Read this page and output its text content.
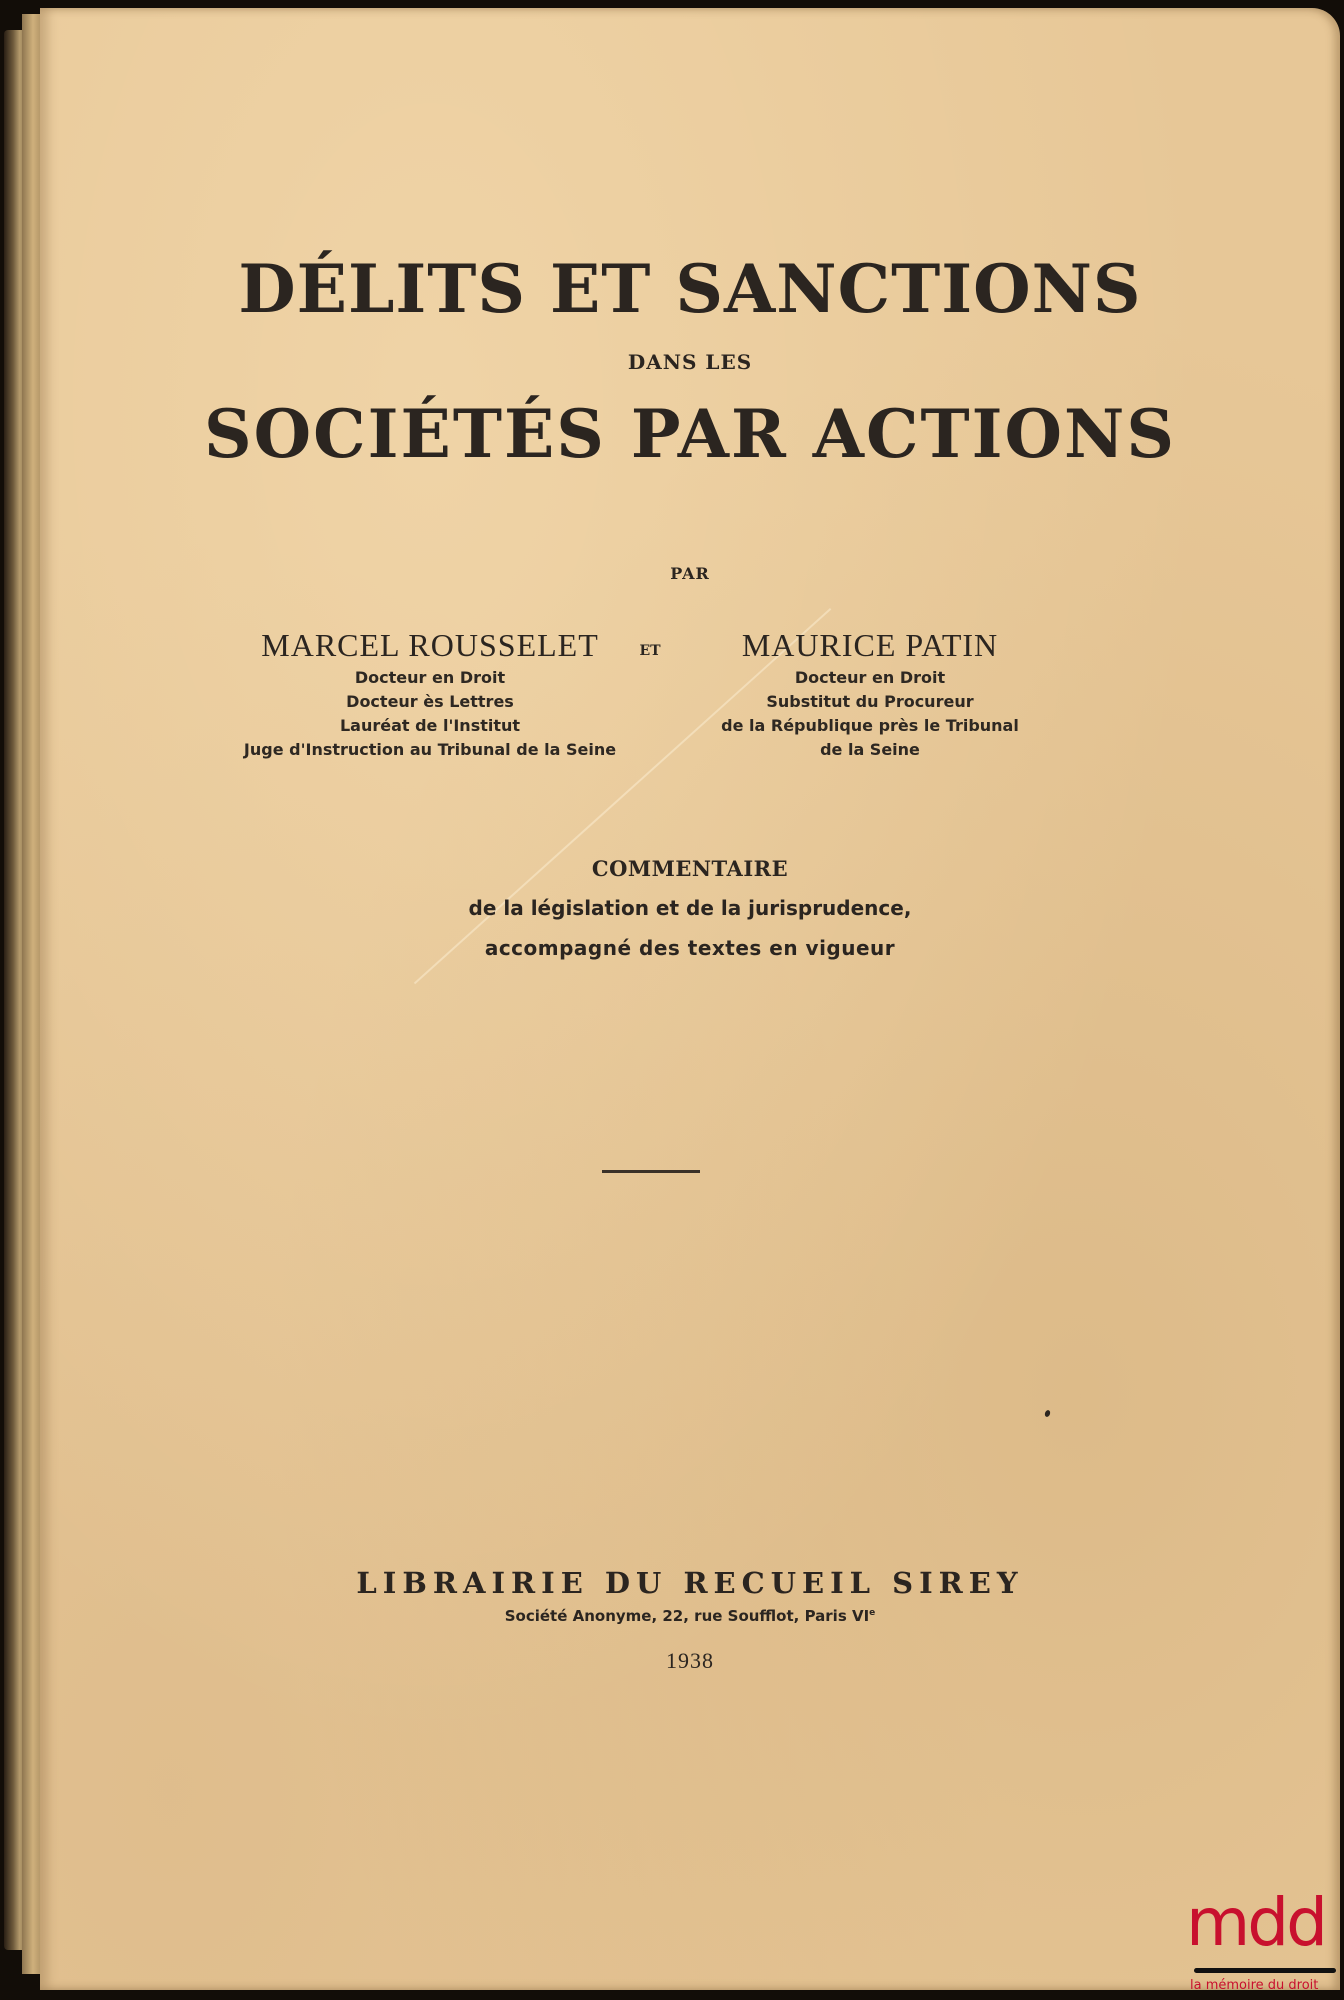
DÉLITS ET SANCTIONS
DANS LES
SOCIÉTÉS PAR ACTIONS
PAR
MARCEL ROUSSELET
Docteur en Droit
Docteur ès Lettres
Lauréat de l'Institut
Juge d'Instruction au Tribunal de la Seine
ET	MAURICE PATIN
Docteur en Droit
Substitut du Procureur
de la République près le Tribunal
de la Seine
COMMENTAIRE
de la législation et de la jurisprudence,
accompagné des textes en vigueur
LIBRAIRIE DU RECUEIL SIREY
Société Anonyme, 22, rue Soufflot, Paris VIe
1938
mdd
la mémoire du droit
